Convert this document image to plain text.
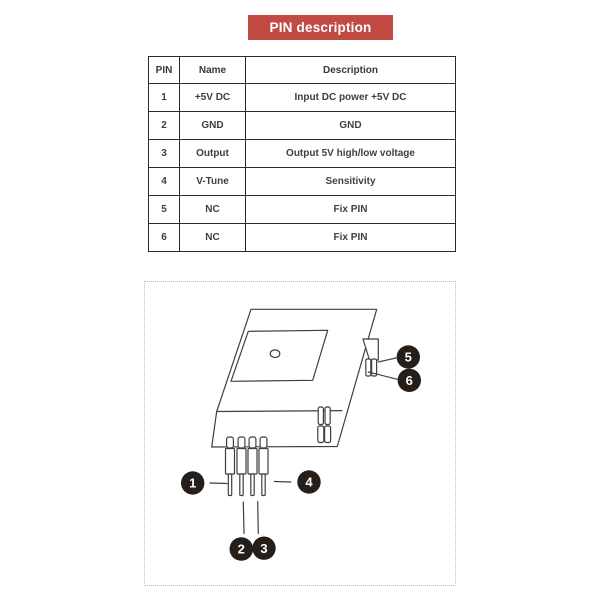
PIN description
PIN	Name	Description
1	+5V DC	Input DC power +5V DC
2	GND	GND
3	Output	Output 5V high/low voltage
4	V-Tune	Sensitivity
5	NC	Fix PIN
6	NC	Fix PIN
1
2 3
4
5
6
